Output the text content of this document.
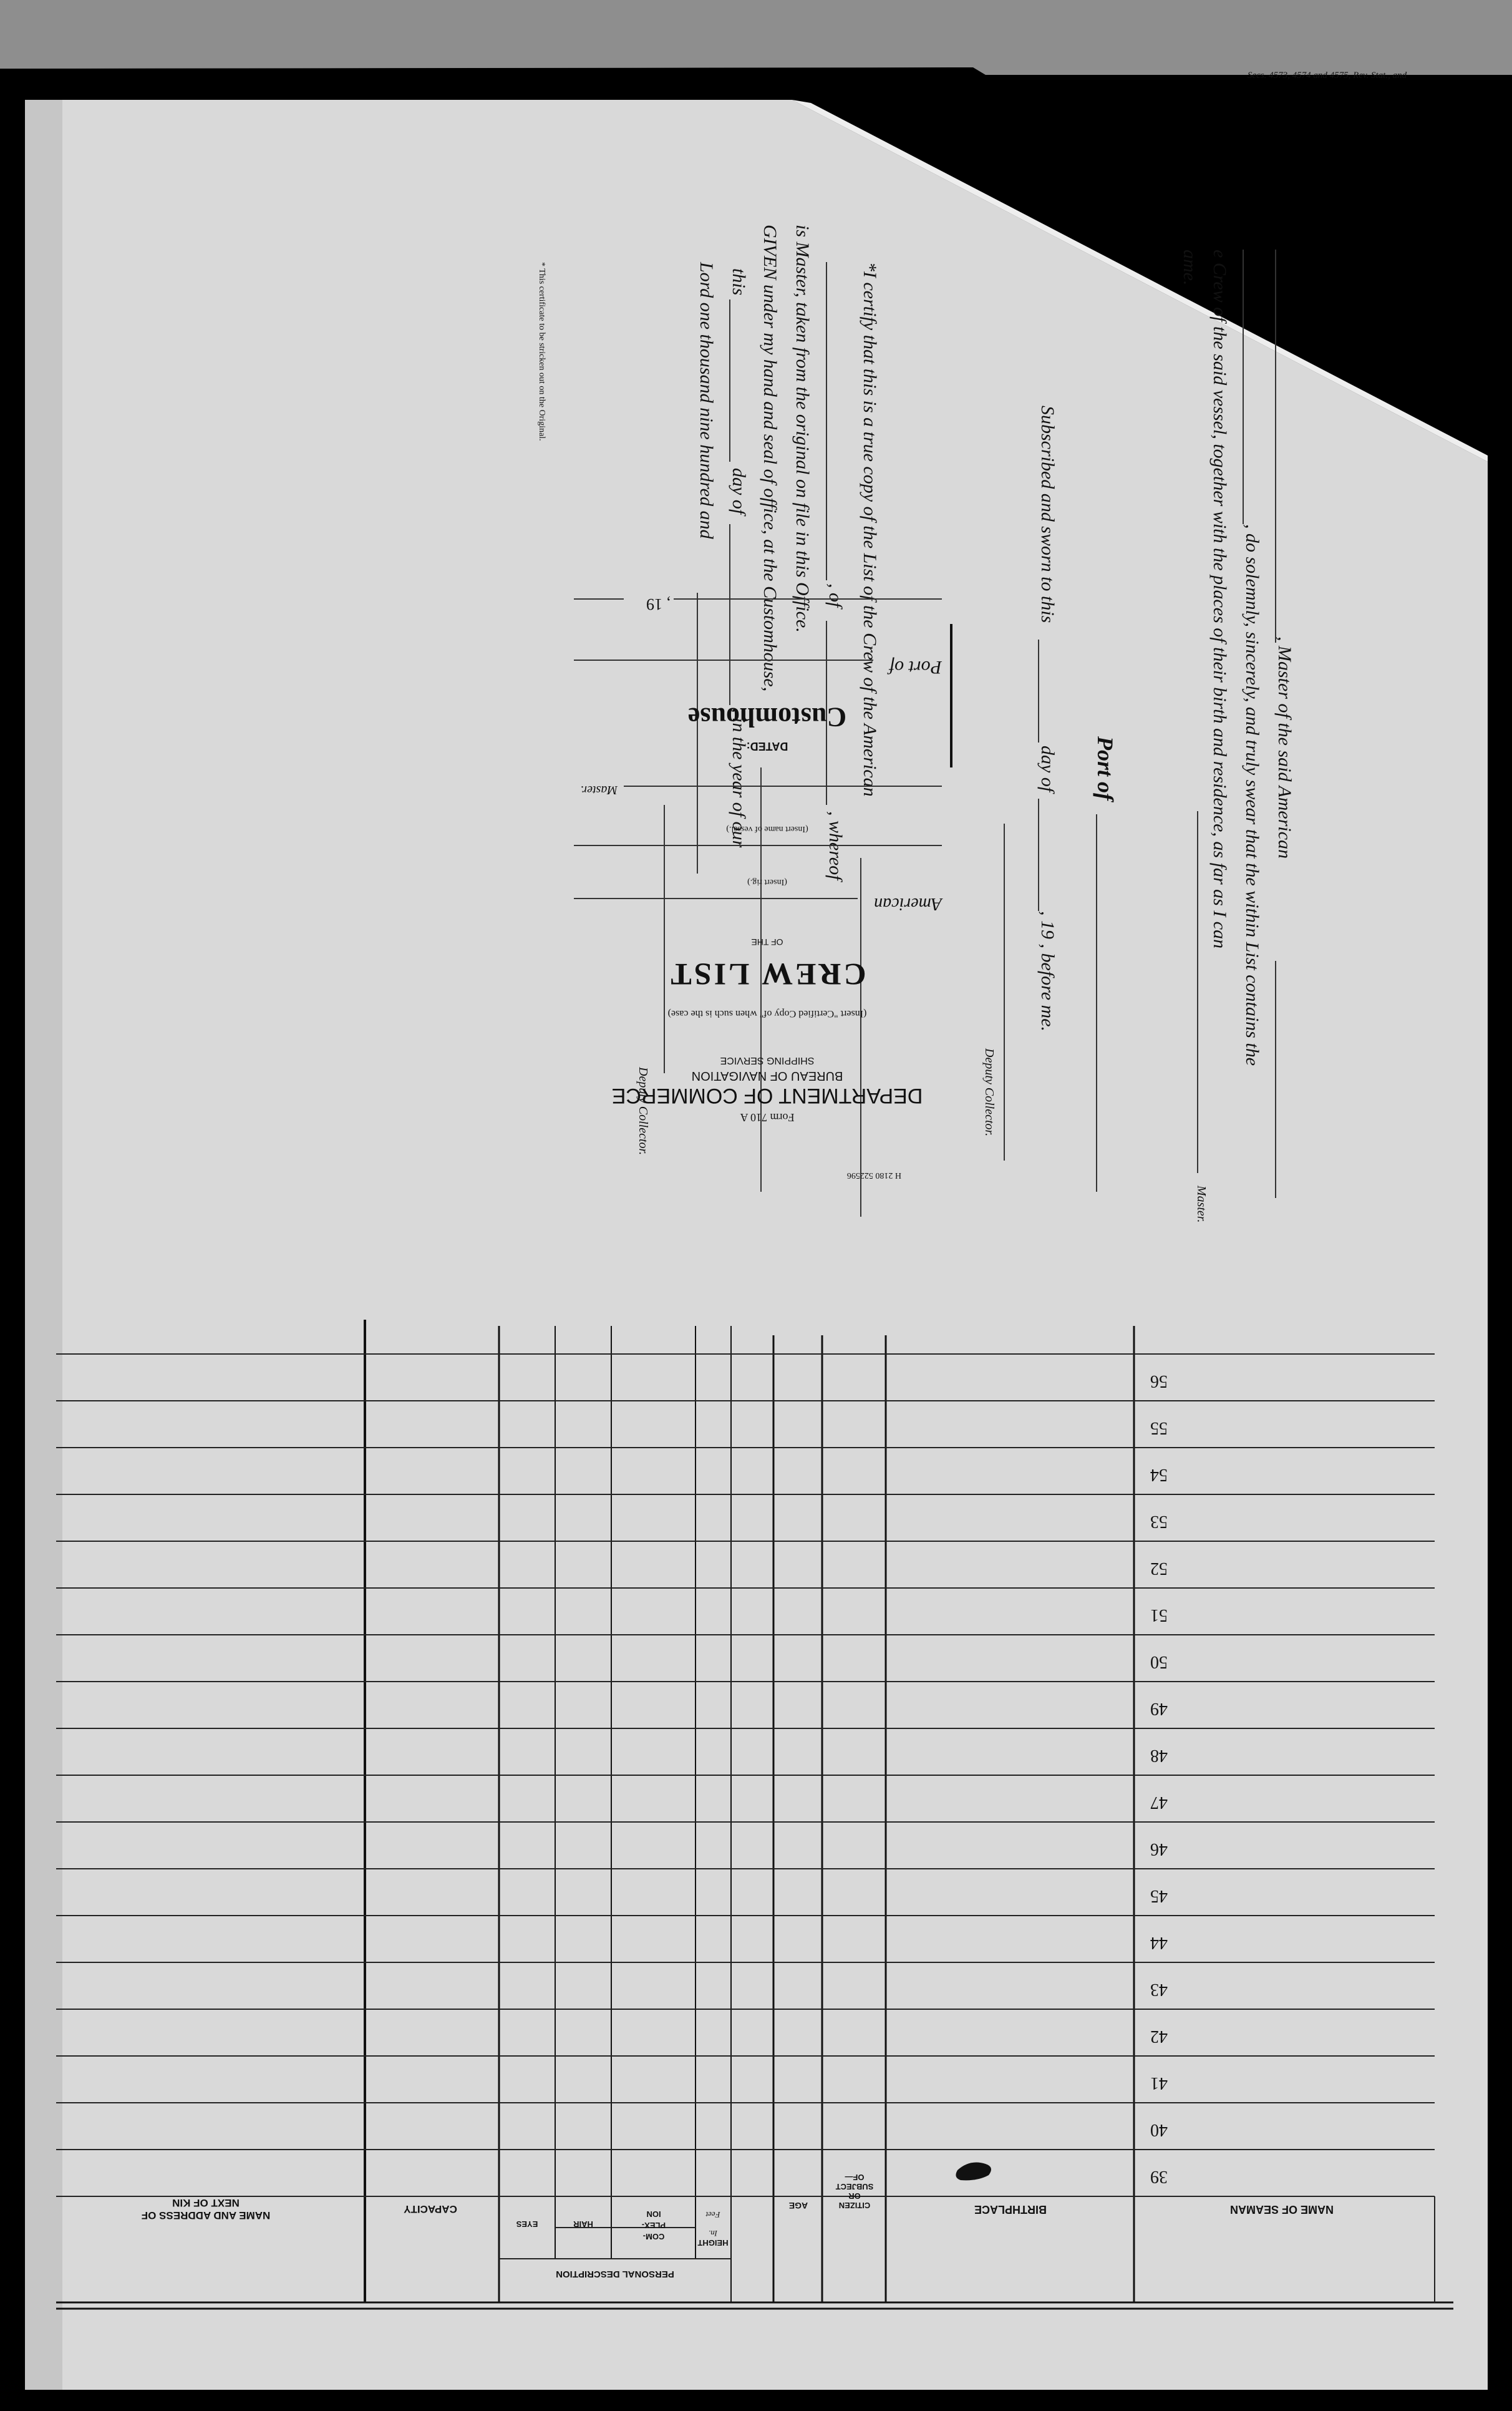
Secs. 4573, 4574 and 4575, Rev. Stat., and
, Master of the said American
, do solemnly, sincerely, and truly swear that the within List contains the
e Crew of the said vessel, together with the places of their birth and residence, as far as I can
ame.
Master.
Port of
Subscribed and sworn to this
day of
, 19 , before me.
Deputy Collector.
*I certify that this is a true copy of the List of the Crew of the American
, of
, whereof
is Master, taken from the original on file in this Office.
GIVEN under my hand and seal of office, at the Customhouse,
this
day of
, in the year of our
Lord one thousand nine hundred and
Deputy Collector.
* This certificate to be stricken out on the Original.
H 2180 522596
Form 710 A
DEPARTMENT OF COMMERCE
BUREAU OF NAVIGATION
SHIPPING SERVICE
(Insert "Certified Copy of" when such is the case)
CREW LIST
OF THE
American
(Insert rig.)
(Insert name of vessel.)
Master.
DATED:
Customhouse
Port of
, 19
NAME OF SEAMAN
BIRTHPLACE
CITIZEN
OR
SUBJECT
OF—
AGE
PERSONAL DESCRIPTION
HEIGHT
Feet
In.
COM-
PLEX-
ION
HAIR
EYES
CAPACITY
NAME AND ADDRESS OF
NEXT OF KIN
39
40
41
42
43
44
45
46
47
48
49
50
51
52
53
54
55
56
